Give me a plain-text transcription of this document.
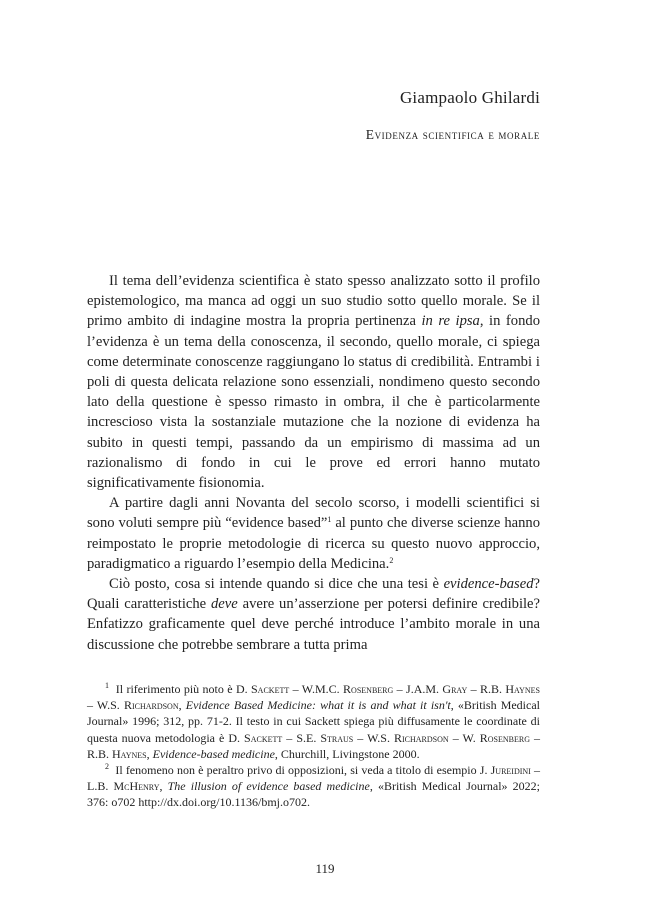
Giampaolo Ghilardi
Evidenza scientifica e morale

Il tema dell’evidenza scientifica è stato spesso analizzato sotto il profilo epistemologico, ma manca ad oggi un suo studio sotto quello morale. Se il primo ambito di indagine mostra la propria pertinenza in re ipsa, in fondo l’evidenza è un tema della conoscenza, il secondo, quello morale, ci spiega come determinate conoscenze raggiungano lo status di credibilità. Entrambi i poli di questa delicata relazione sono essenziali, nondimeno questo secondo lato della questione è spesso rimasto in ombra, il che è particolarmente increscioso vista la sostanziale mutazione che la nozione di evidenza ha subito in questi tempi, passando da un empirismo di massima ad un razionalismo di fondo in cui le prove ed errori hanno mutato significativamente fisionomia.

A partire dagli anni Novanta del secolo scorso, i modelli scientifici si sono voluti sempre più “evidence based”$^1$ al punto che diverse scienze hanno reimpostato le proprie metodologie di ricerca su questo nuovo approccio, paradigmatico a riguardo l’esempio della Medicina.$^2$

Ciò posto, cosa si intende quando si dice che una tesi è evidence-based? Quali caratteristiche deve avere un’asserzione per potersi definire credibile? Enfatizzo graficamente quel deve perché introduce l’ambito morale in una discussione che potrebbe sembrare a tutta prima

$^1$ Il riferimento più noto è D. Sackett – W.M.C. Rosenberg – J.A.M. Gray – R.B. Haynes – W.S. Richardson, Evidence Based Medicine: what it is and what it isn't, «British Medical Journal» 1996; 312, pp. 71-2. Il testo in cui Sackett spiega più diffusamente le coordinate di questa nuova metodologia è D. Sackett – S.E. Straus – W.S. Richardson – W. Rosenberg – R.B. Haynes, Evidence-based medicine, Churchill, Livingstone 2000.

$^2$ Il fenomeno non è peraltro privo di opposizioni, si veda a titolo di esempio J. Jureidini – L.B. McHenry, The illusion of evidence based medicine, «British Medical Journal» 2022; 376: o702 http://dx.doi.org/10.1136/bmj.o702.

119
